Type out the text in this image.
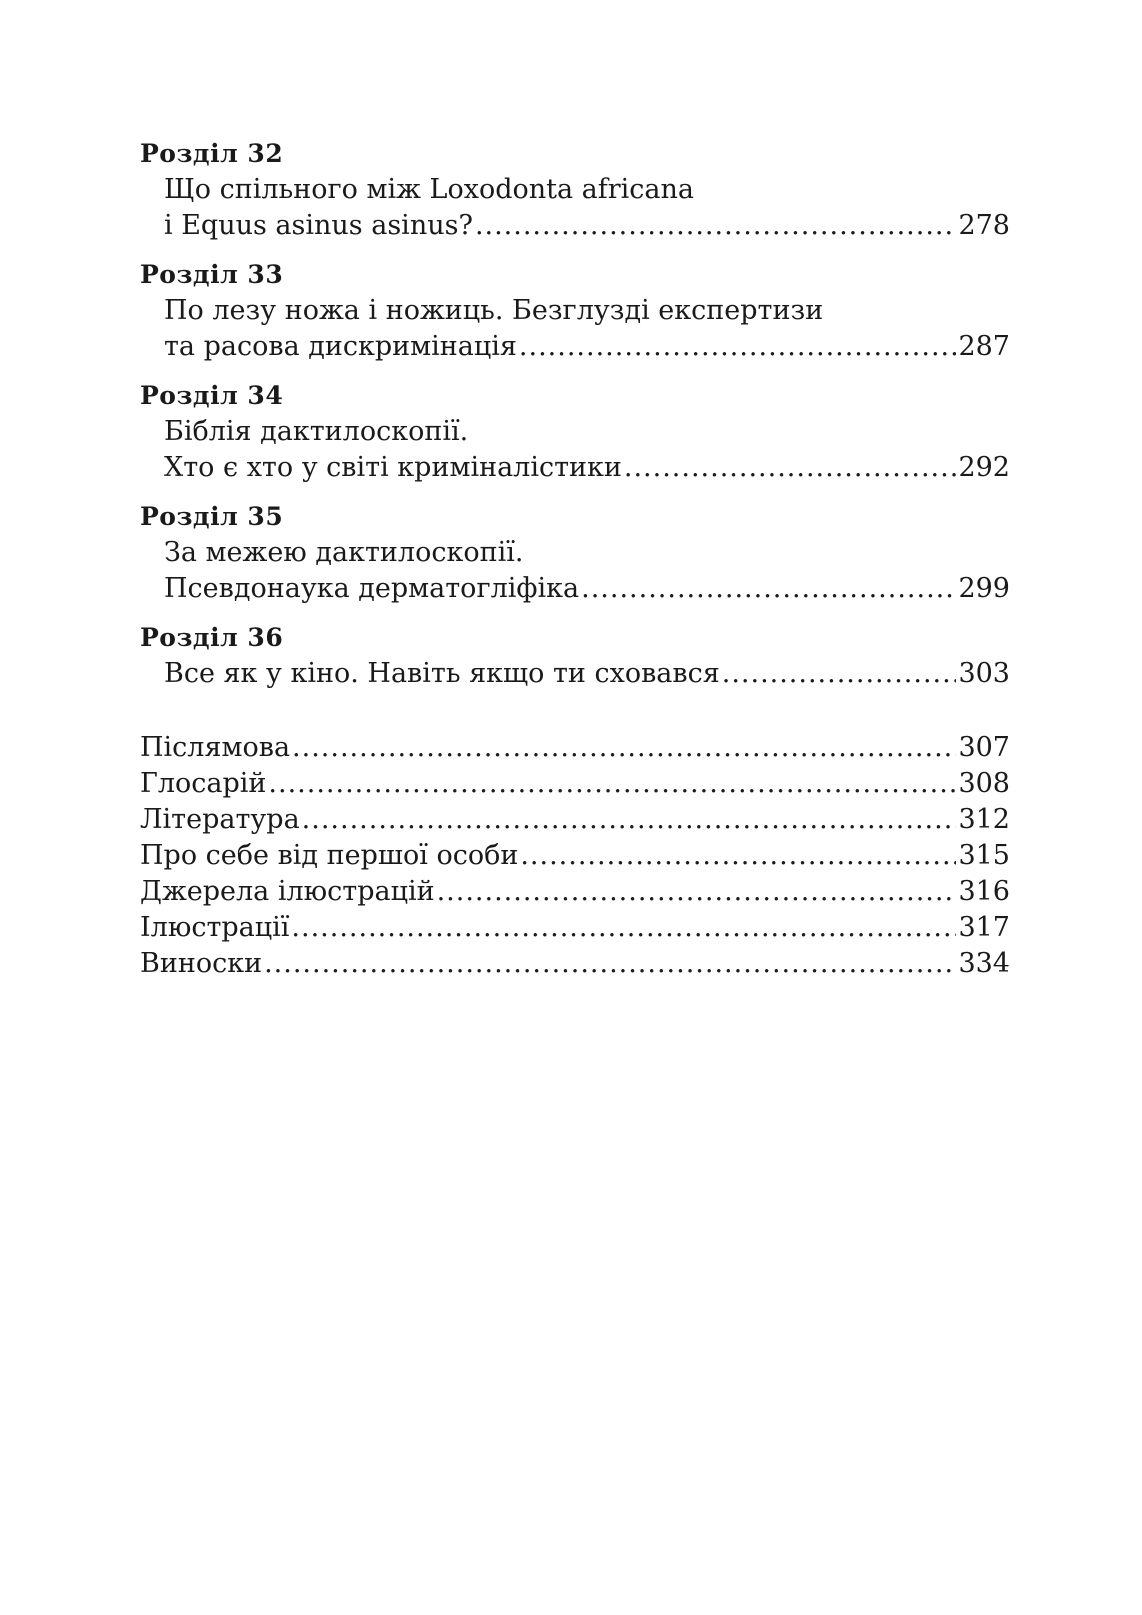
Розділ 32
Що спільного між Loxodonta africana
і Equus asinus asinus? .....	278
Розділ 33
По лезу ножа і ножиць. Безглузді експертизи
та расова дискримінація .....	287
Розділ 34
Біблія дактилоскопії.
Хто є хто у світі криміналістики .....	292
Розділ 35
За межею дактилоскопії.
Псевдонаука дерматогліфіка .....	299
Розділ 36
Все як у кіно. Навіть якщо ти сховався .....	303
Післямова .....	307
Глосарій .....	308
Література .....	312
Про себе від першої особи .....	315
Джерела ілюстрацій .....	316
Ілюстрації .....	317
Виноски .....	334
